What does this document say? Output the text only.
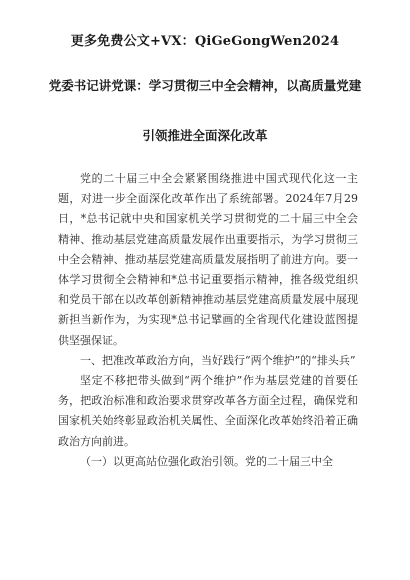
更多免费公文+VX：QiGeGongWen2024
党委书记讲党课：学习贯彻三中全会精神，以高质量党建
引领推进全面深化改革

党的二十届三中全会紧紧围绕推进中国式现代化这一主题，对进一步全面深化改革作出了系统部署。2024年7月29日，*总书记就中央和国家机关学习贯彻党的二十届三中全会精神、推动基层党建高质量发展作出重要指示，为学习贯彻三中全会精神、推动基层党建高质量发展指明了前进方向。要一体学习贯彻全会精神和*总书记重要指示精神，推各级党组织和党员干部在以改革创新精神推动基层党建高质量发展中展现新担当新作为，为实现*总书记擘画的全省现代化建设蓝图提供坚强保证。

一、把准改革政治方向，当好践行“两个维护”的“排头兵”

坚定不移把带头做到“两个维护”作为基层党建的首要任务，把政治标准和政治要求贯穿改革各方面全过程，确保党和国家机关始终彰显政治机关属性、全面深化改革始终沿着正确政治方向前进。

（一）以更高站位强化政治引领。党的二十届三中全
